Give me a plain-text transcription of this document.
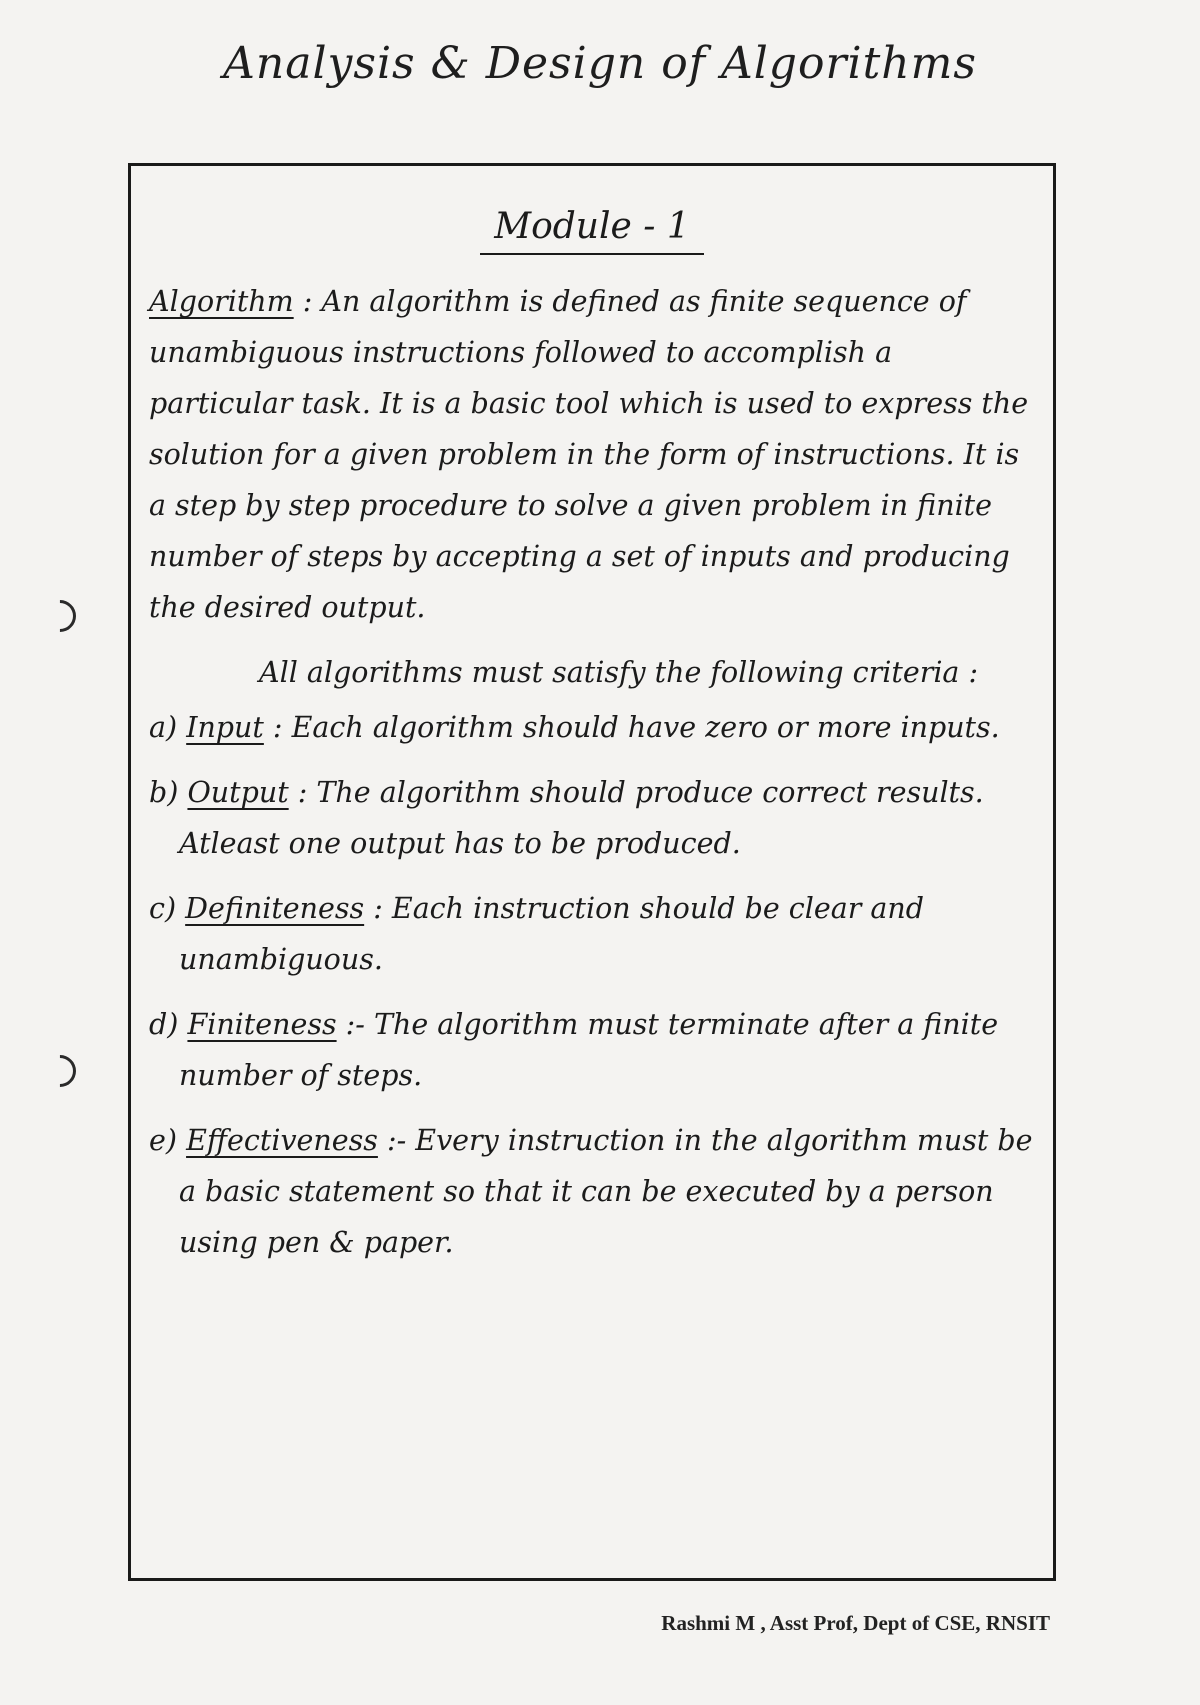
Analysis & Design of Algorithms
Module - 1

Algorithm : An algorithm is defined as finite sequence of unambiguous instructions followed to accomplish a particular task. It is a basic tool which is used to express the solution for a given problem in the form of instructions. It is a step by step procedure to solve a given problem in finite number of steps by accepting a set of inputs and producing the desired output.

All algorithms must satisfy the following criteria :

a) Input : Each algorithm should have zero or more inputs.

b) Output : The algorithm should produce correct results. Atleast one output has to be produced.

c) Definiteness : Each instruction should be clear and unambiguous.

d) Finiteness :- The algorithm must terminate after a finite number of steps.

e) Effectiveness :- Every instruction in the algorithm must be a basic statement so that it can be executed by a person using pen & paper.

Rashmi M , Asst Prof, Dept of CSE, RNSIT
